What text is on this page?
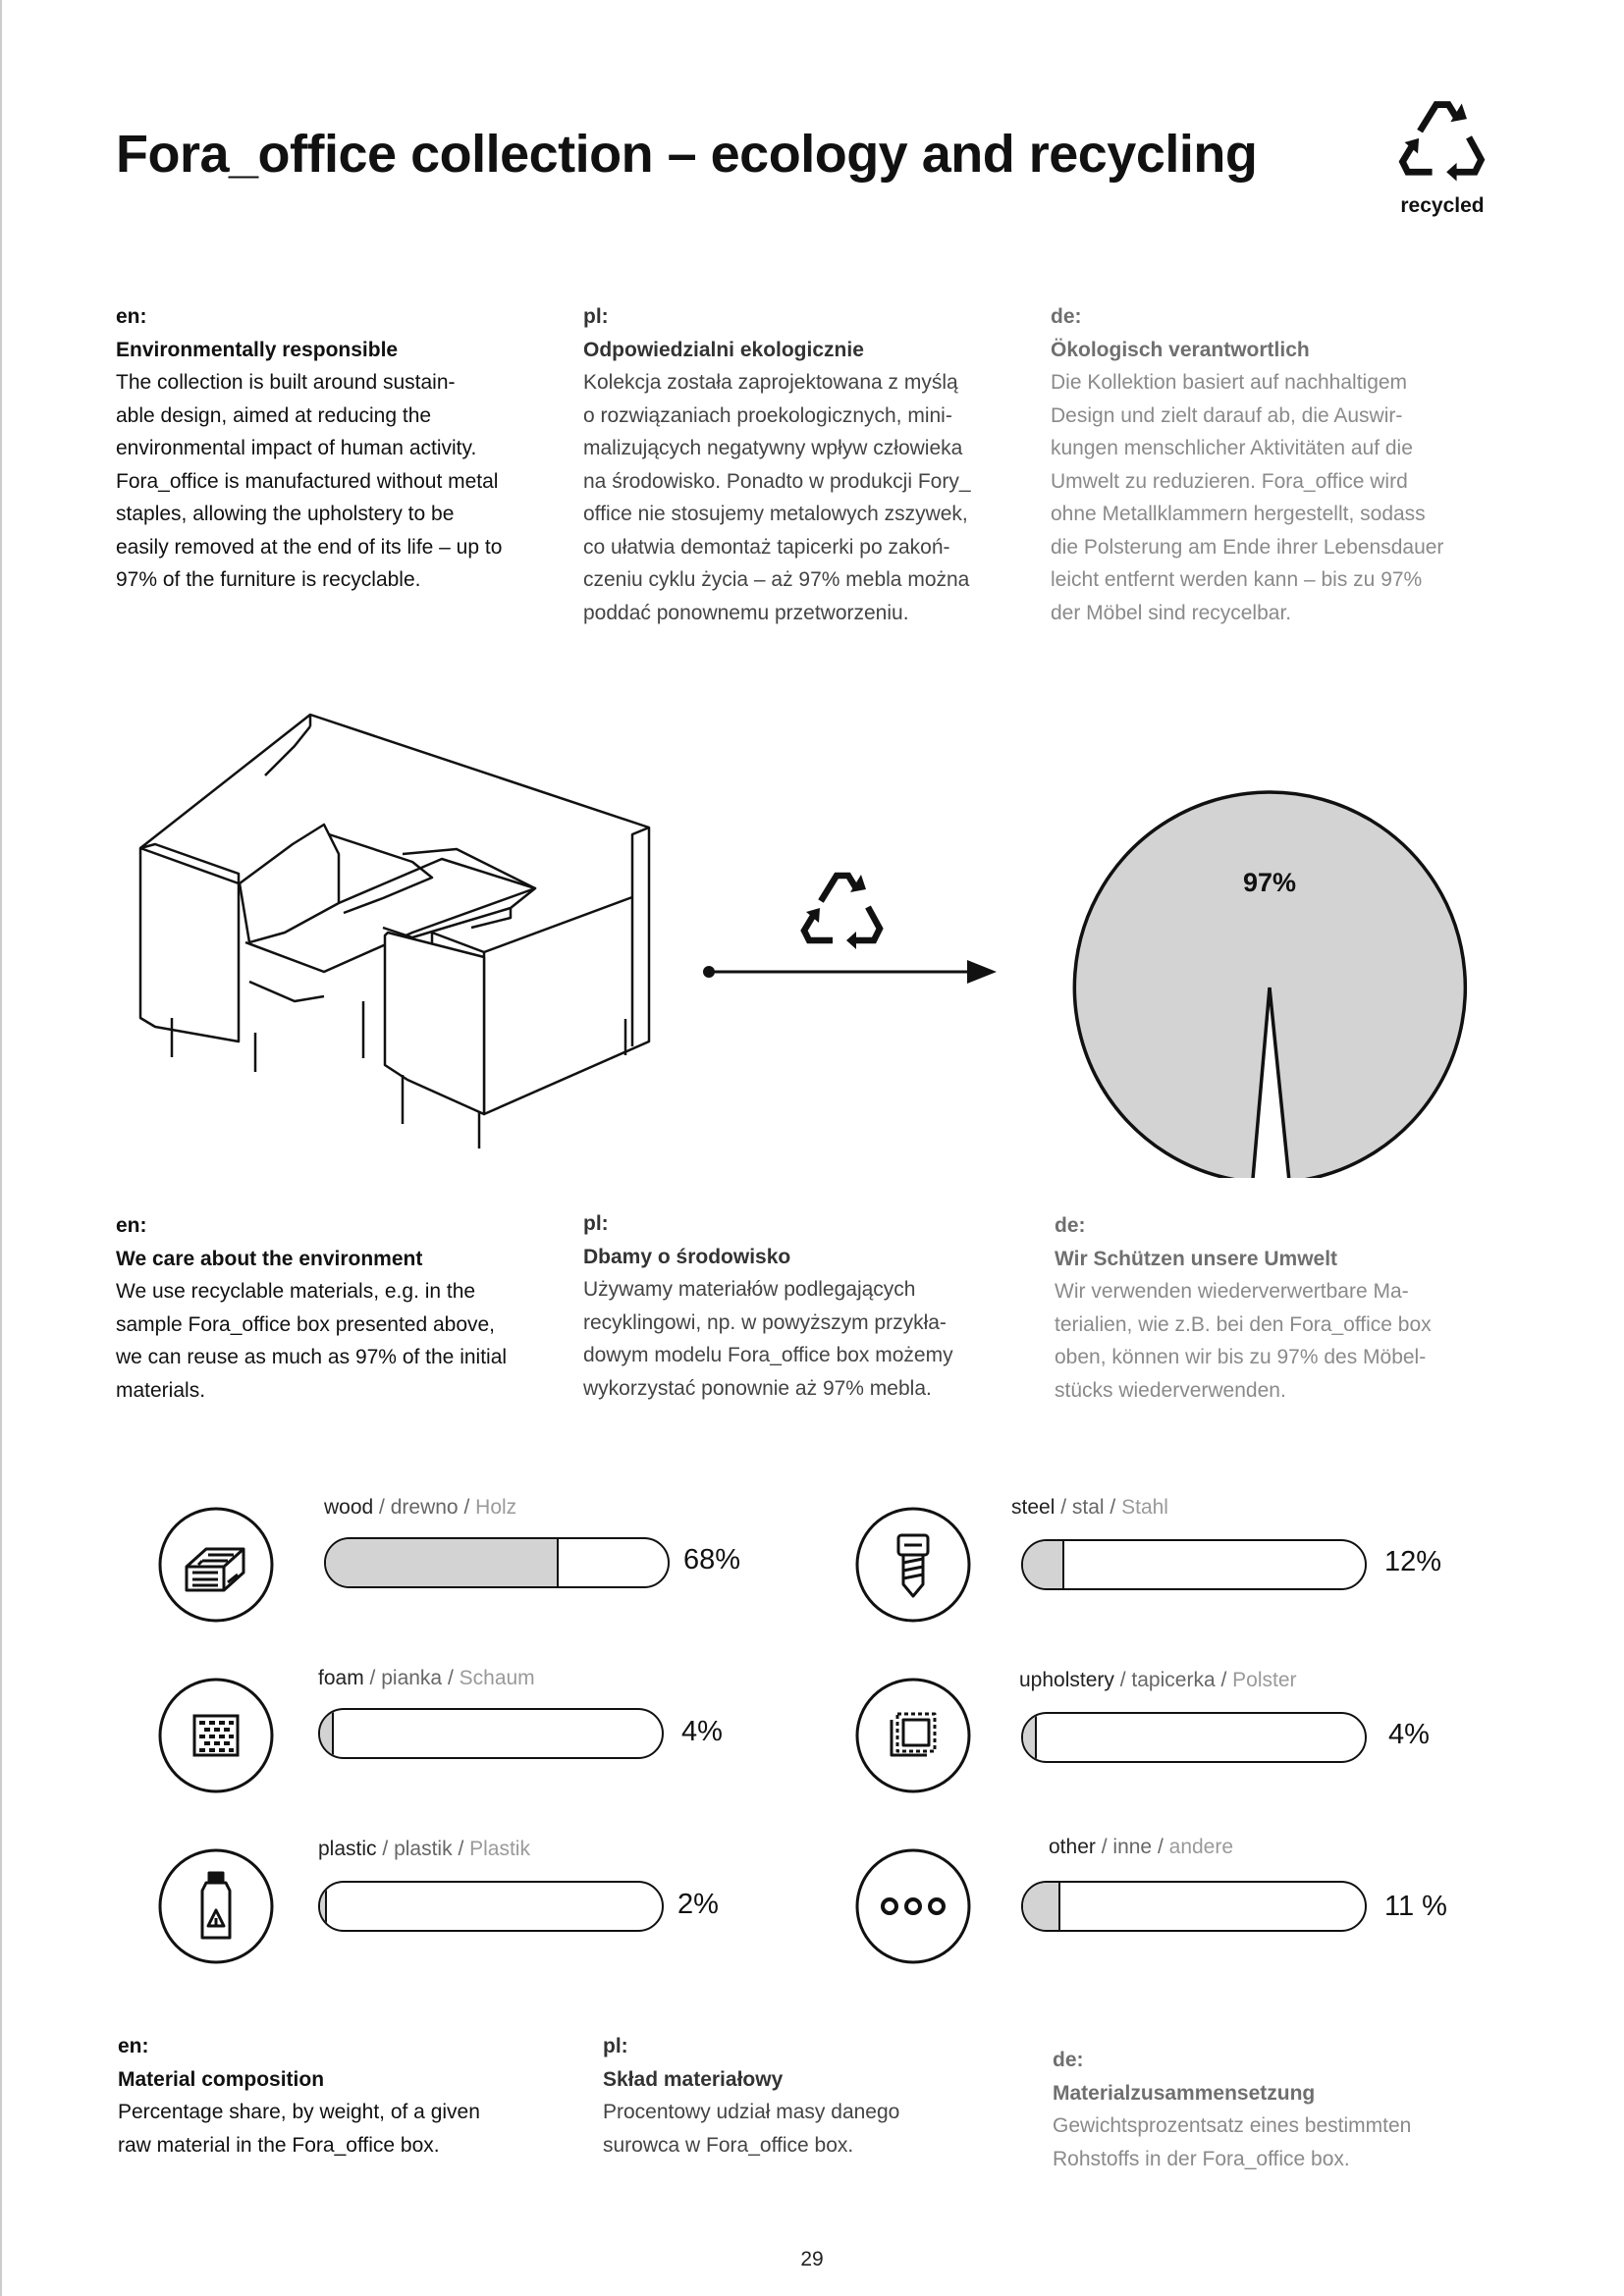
Fora_office collection – ecology and recycling
recycled
en:
Environmentally responsible

The collection is built around sustain-

able design, aimed at reducing the

environmental impact of human activity.

Fora_office is manufactured without metal

staples, allowing the upholstery to be

easily removed at the end of its life – up to

97% of the furniture is recyclable.

pl:
Odpowiedzialni ekologicznie

Kolekcja została zaprojektowana z myślą

o rozwiązaniach proekologicznych, mini-

malizujących negatywny wpływ człowieka

na środowisko. Ponadto w produkcji Fory_

office nie stosujemy metalowych zszywek,

co ułatwia demontaż tapicerki po zakoń-

czeniu cyklu życia – aż 97% mebla można

poddać ponownemu przetworzeniu.

de:
Ökologisch verantwortlich

Die Kollektion basiert auf nachhaltigem

Design und zielt darauf ab, die Auswir-

kungen menschlicher Aktivitäten auf die

Umwelt zu reduzieren. Fora_office wird

ohne Metallklammern hergestellt, sodass

die Polsterung am Ende ihrer Lebensdauer

leicht entfernt werden kann – bis zu 97%

der Möbel sind recycelbar.

97%
en:
We care about the environment

We use recyclable materials, e.g. in the

sample Fora_office box presented above,

we can reuse as much as 97% of the initial

materials.

pl:
Dbamy o środowisko

Używamy materiałów podlegających

recyklingowi, np. w powyższym przykła-

dowym modelu Fora_office box możemy

wykorzystać ponownie aż 97% mebla.

de:
Wir Schützen unsere Umwelt

Wir verwenden wiederverwertbare Ma-

terialien, wie z.B. bei den Fora_office box

oben, können wir bis zu 97% des Möbel-

stücks wiederverwenden.

wood / drewno / Holz
68%
steel / stal / Stahl
12%
foam / pianka / Schaum
4%
upholstery / tapicerka / Polster
4%
plastic / plastik / Plastik
2%
other / inne / andere
11 %
en:
Material composition

Percentage share, by weight, of a given

raw material in the Fora_office box.

pl:
Skład materiałowy

Procentowy udział masy danego

surowca w Fora_office box.

de:
Materialzusammensetzung

Gewichtsprozentsatz eines bestimmten

Rohstoffs in der Fora_office box.

29
